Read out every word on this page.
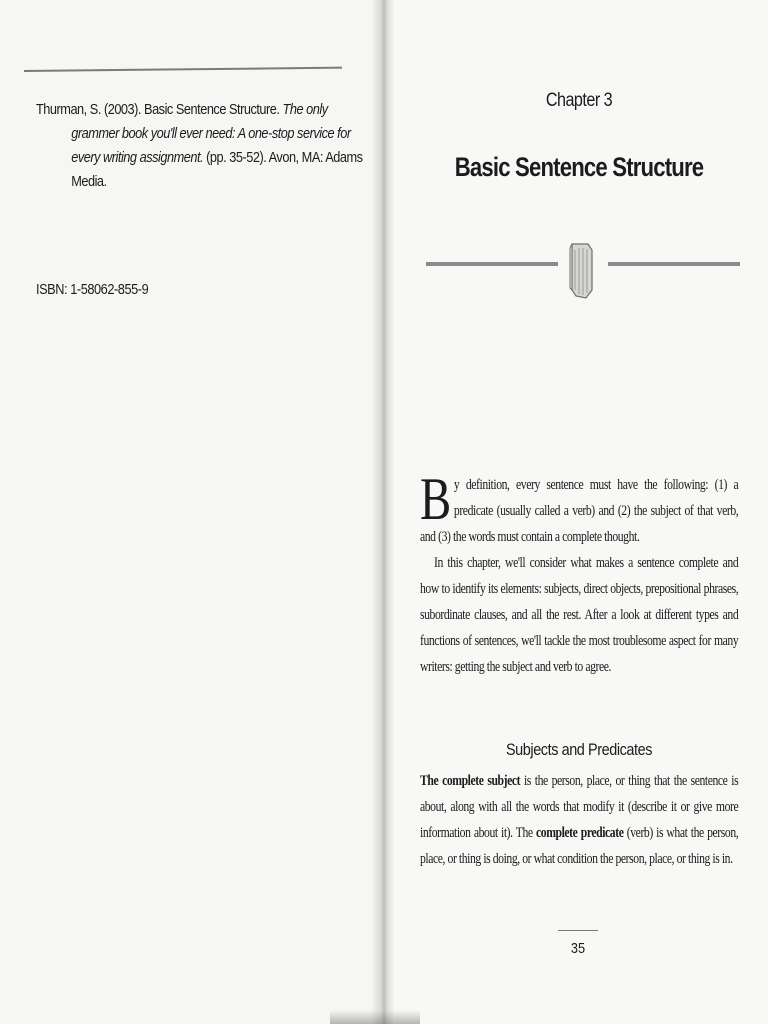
Thurman, S. (2003). Basic Sentence Structure. The only grammer book you'll ever need: A one-stop service for every writing assignment. (pp. 35-52). Avon, MA: Adams Media.
ISBN: 1-58062-855-9
Chapter 3
Basic Sentence Structure

By definition, every sentence must have the following: (1) a predicate (usually called a verb) and (2) the subject of that verb, and (3) the words must contain a complete thought.

In this chapter, we'll consider what makes a sentence complete and how to identify its elements: subjects, direct objects, prepositional phrases, subordinate clauses, and all the rest. After a look at different types and functions of sentences, we'll tackle the most troublesome aspect for many writers: getting the subject and verb to agree.

Subjects and Predicates

The complete subject is the person, place, or thing that the sentence is about, along with all the words that modify it (describe it or give more information about it). The complete predicate (verb) is what the person, place, or thing is doing, or what condition the person, place, or thing is in.

35
